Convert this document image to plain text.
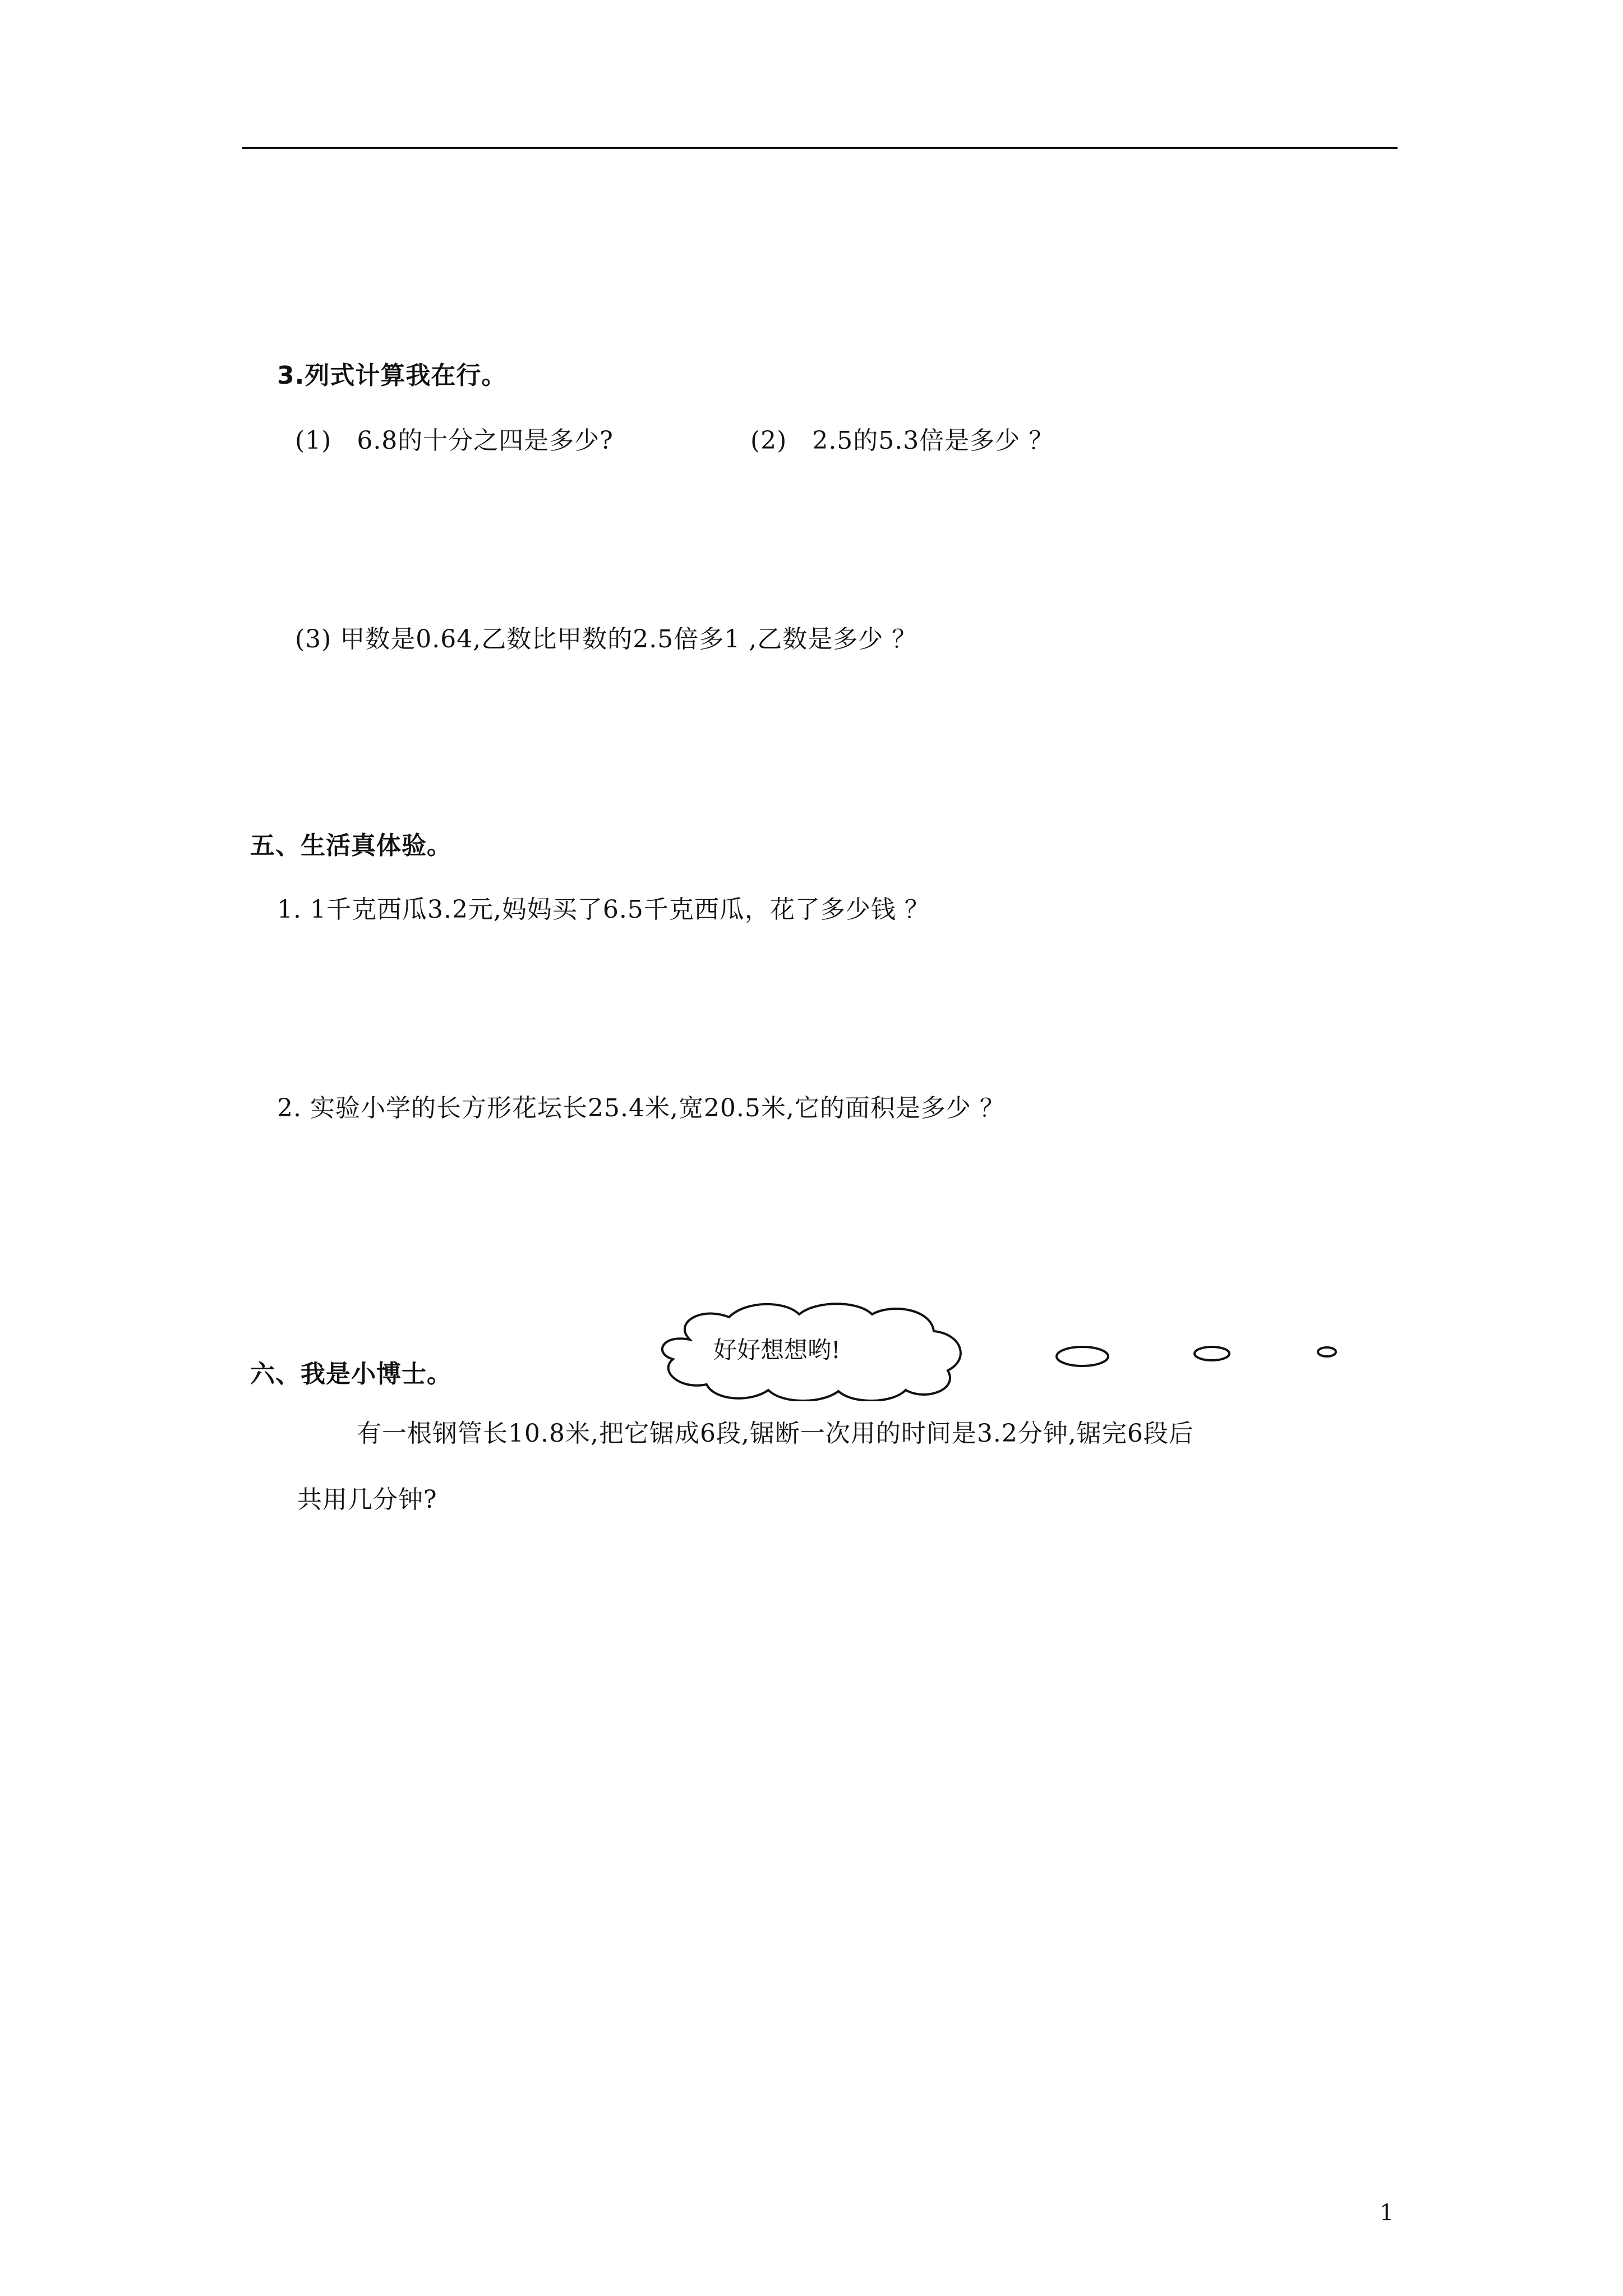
3.列式计算我在行。
(1)　6.8的十分之四是多少?	(2)　2.5的5.3倍是多少 ？
(3) 甲数是0.64,乙数比甲数的2.5倍多1 ,乙数是多少 ？
五、生活真体验。
1. 1千克西瓜3.2元,妈妈买了6.5千克西瓜，花了多少钱 ？
2. 实验小学的长方形花坛长25.4米,宽20.5米,它的面积是多少 ？
六、我是小博士。
好好想想哟!
有一根钢管长10.8米,把它锯成6段,锯断一次用的时间是3.2分钟,锯完6段后
共用几分钟?
1
